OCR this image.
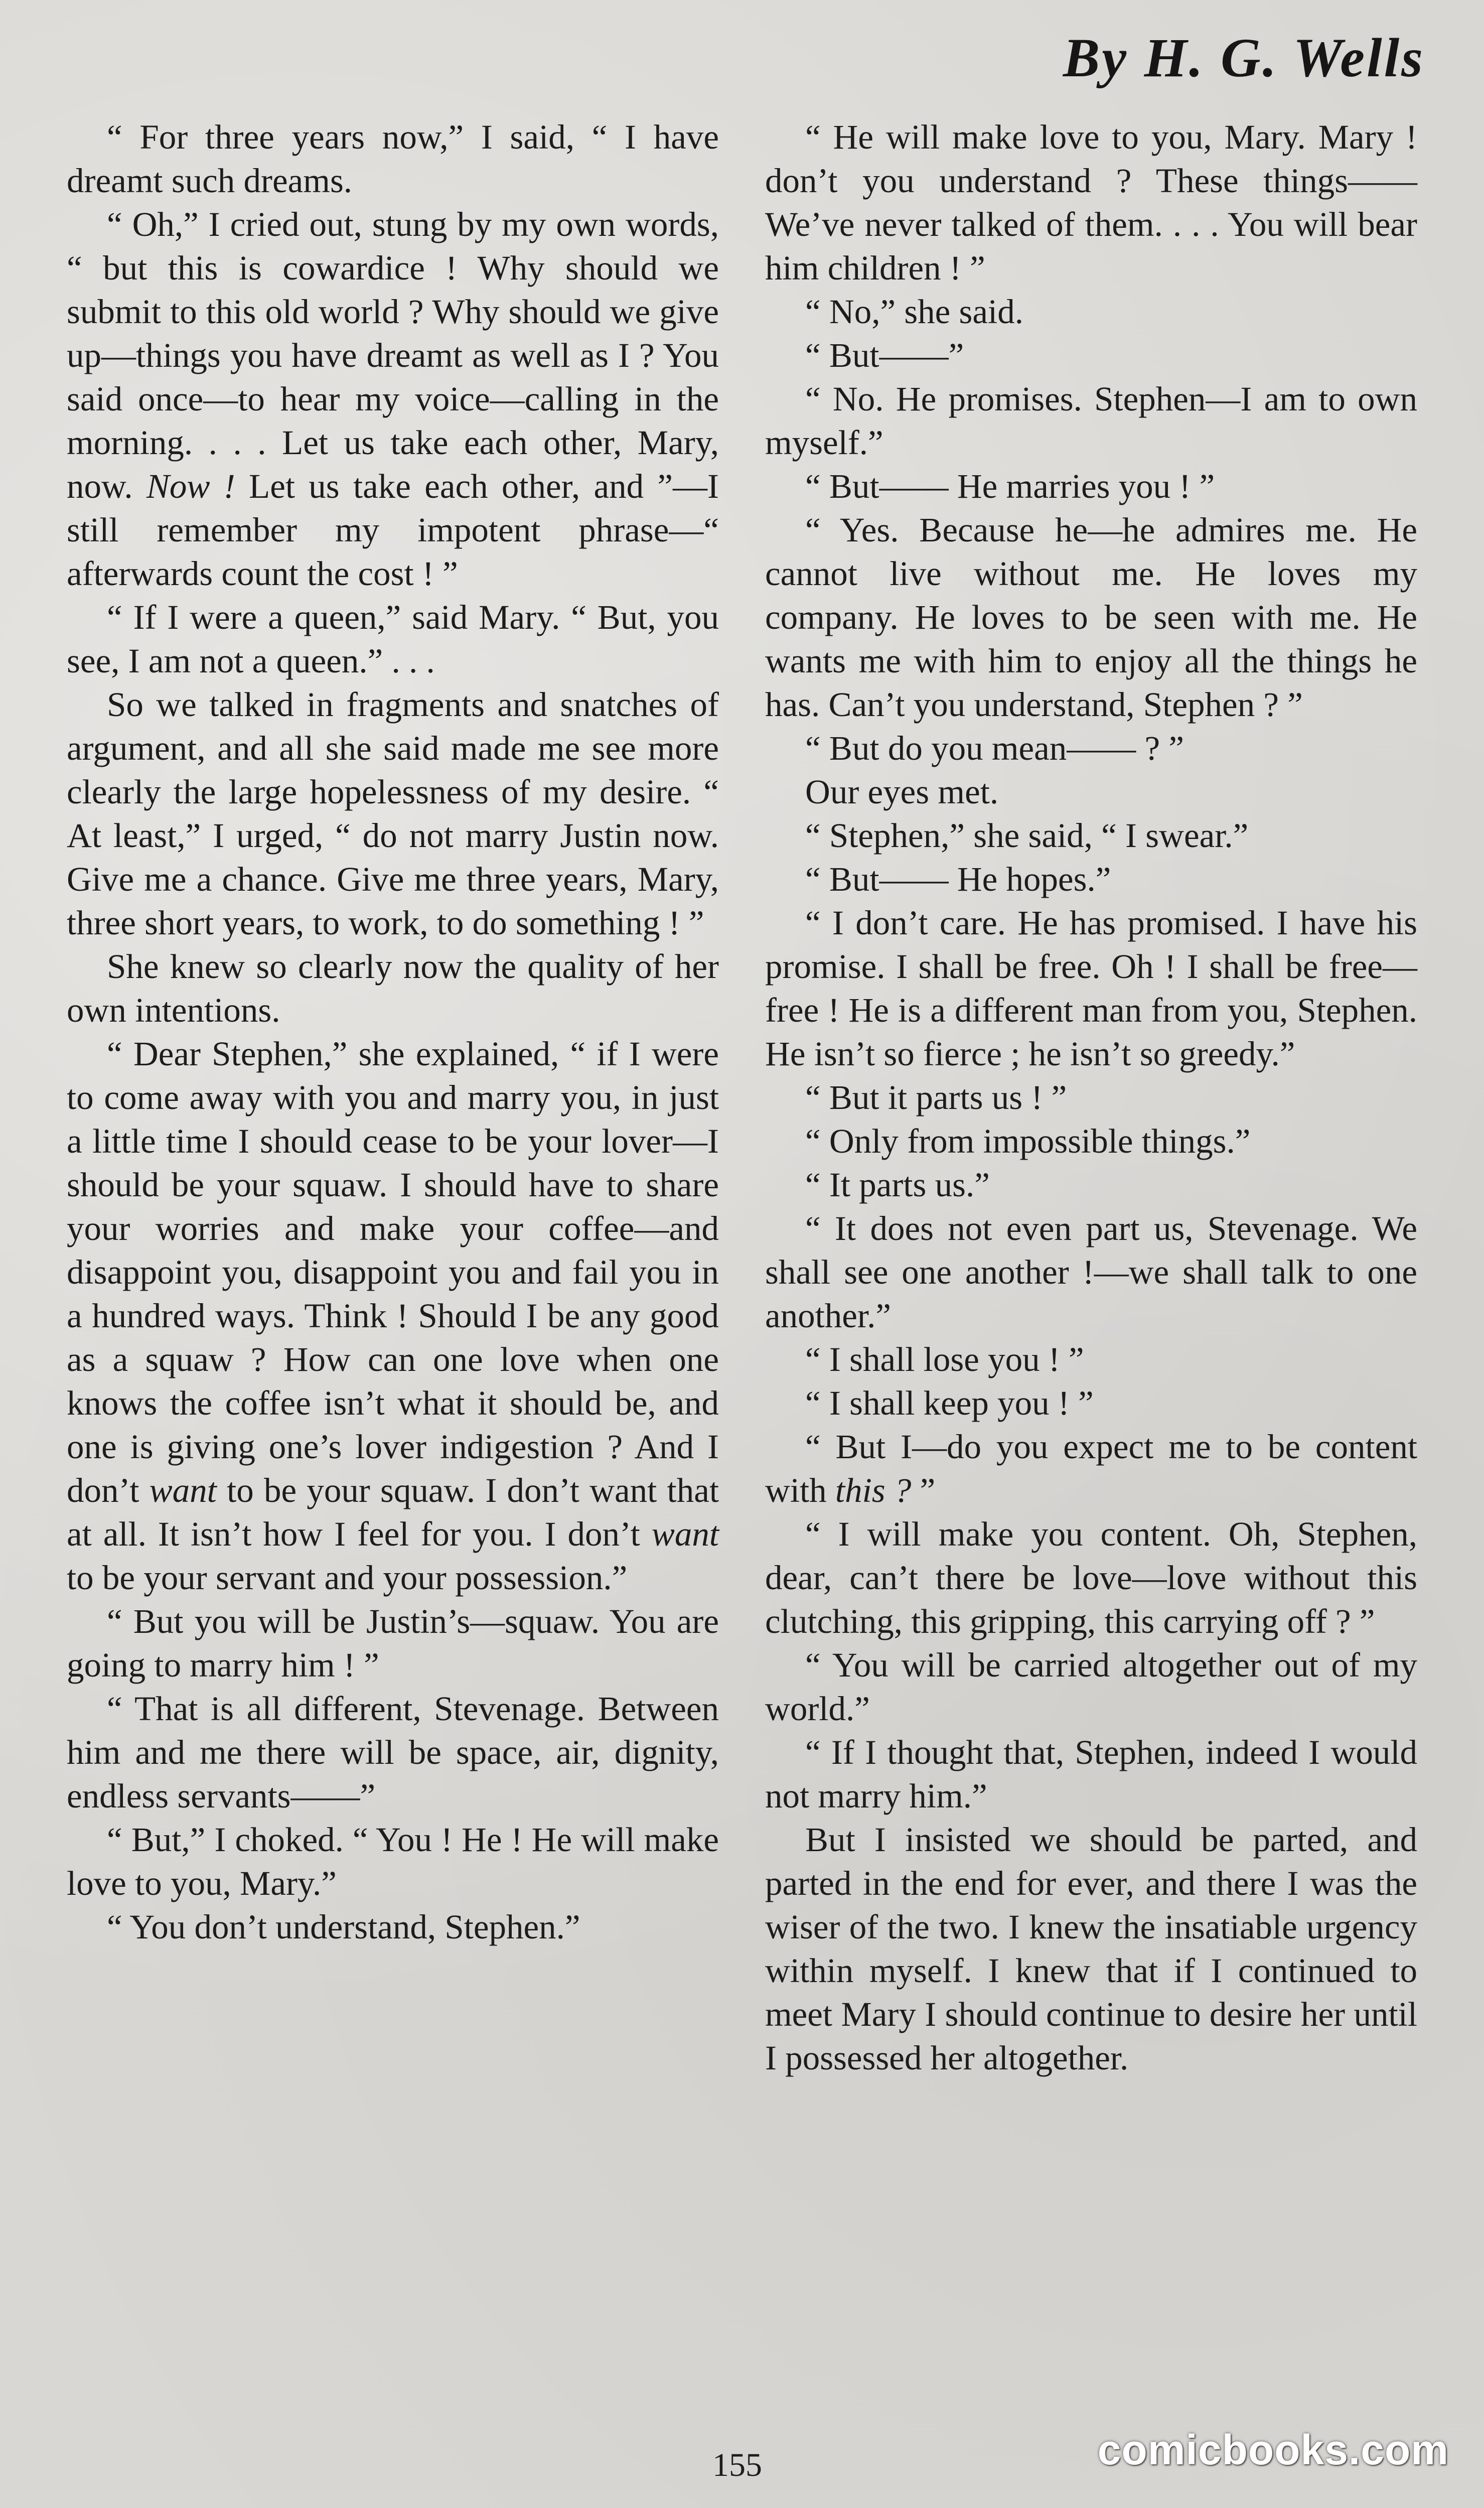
By H. G. Wells

“ For three years now,” I said, “ I have dreamt such dreams.

“ Oh,” I cried out, stung by my own words, “ but this is cowardice ! Why should we submit to this old world ? Why should we give up—things you have dreamt as well as I ? You said once—to hear my voice—calling in the morning. . . . Let us take each other, Mary, now. Now ! Let us take each other, and ”—I still remember my impotent phrase—“ afterwards count the cost ! ”

“ If I were a queen,” said Mary. “ But, you see, I am not a queen.” . . .

So we talked in fragments and snatches of argument, and all she said made me see more clearly the large hopelessness of my desire. “ At least,” I urged, “ do not marry Justin now. Give me a chance. Give me three years, Mary, three short years, to work, to do something ! ”

She knew so clearly now the quality of her own intentions.

“ Dear Stephen,” she explained, “ if I were to come away with you and marry you, in just a little time I should cease to be your lover—I should be your squaw. I should have to share your worries and make your coffee—and disappoint you, disappoint you and fail you in a hundred ways. Think ! Should I be any good as a squaw ? How can one love when one knows the coffee isn’t what it should be, and one is giving one’s lover indigestion ? And I don’t want to be your squaw. I don’t want that at all. It isn’t how I feel for you. I don’t want to be your servant and your possession.”

“ But you will be Justin’s—squaw. You are going to marry him ! ”

“ That is all different, Stevenage. Between him and me there will be space, air, dignity, endless servants——”

“ But,” I choked. “ You ! He ! He will make love to you, Mary.”

“ You don’t understand, Stephen.”

“ He will make love to you, Mary. Mary ! don’t you understand ? These things—— We’ve never talked of them. . . . You will bear him children ! ”

“ No,” she said.

“ But——”

“ No. He promises. Stephen—I am to own myself.”

“ But—— He marries you ! ”

“ Yes. Because he—he admires me. He cannot live without me. He loves my company. He loves to be seen with me. He wants me with him to enjoy all the things he has. Can’t you understand, Stephen ? ”

“ But do you mean—— ? ”

Our eyes met.

“ Stephen,” she said, “ I swear.”

“ But—— He hopes.”

“ I don’t care. He has promised. I have his promise. I shall be free. Oh ! I shall be free—free ! He is a different man from you, Stephen. He isn’t so fierce ; he isn’t so greedy.”

“ But it parts us ! ”

“ Only from impossible things.”

“ It parts us.”

“ It does not even part us, Stevenage. We shall see one another !—we shall talk to one another.”

“ I shall lose you ! ”

“ I shall keep you ! ”

“ But I—do you expect me to be content with this ? ”

“ I will make you content. Oh, Stephen, dear, can’t there be love—love without this clutching, this gripping, this carrying off ? ”

“ You will be carried altogether out of my world.”

“ If I thought that, Stephen, indeed I would not marry him.”

But I insisted we should be parted, and parted in the end for ever, and there I was the wiser of the two. I knew the insatiable urgency within myself. I knew that if I continued to meet Mary I should continue to desire her until I possessed her altogether.

155	comicbooks.com
